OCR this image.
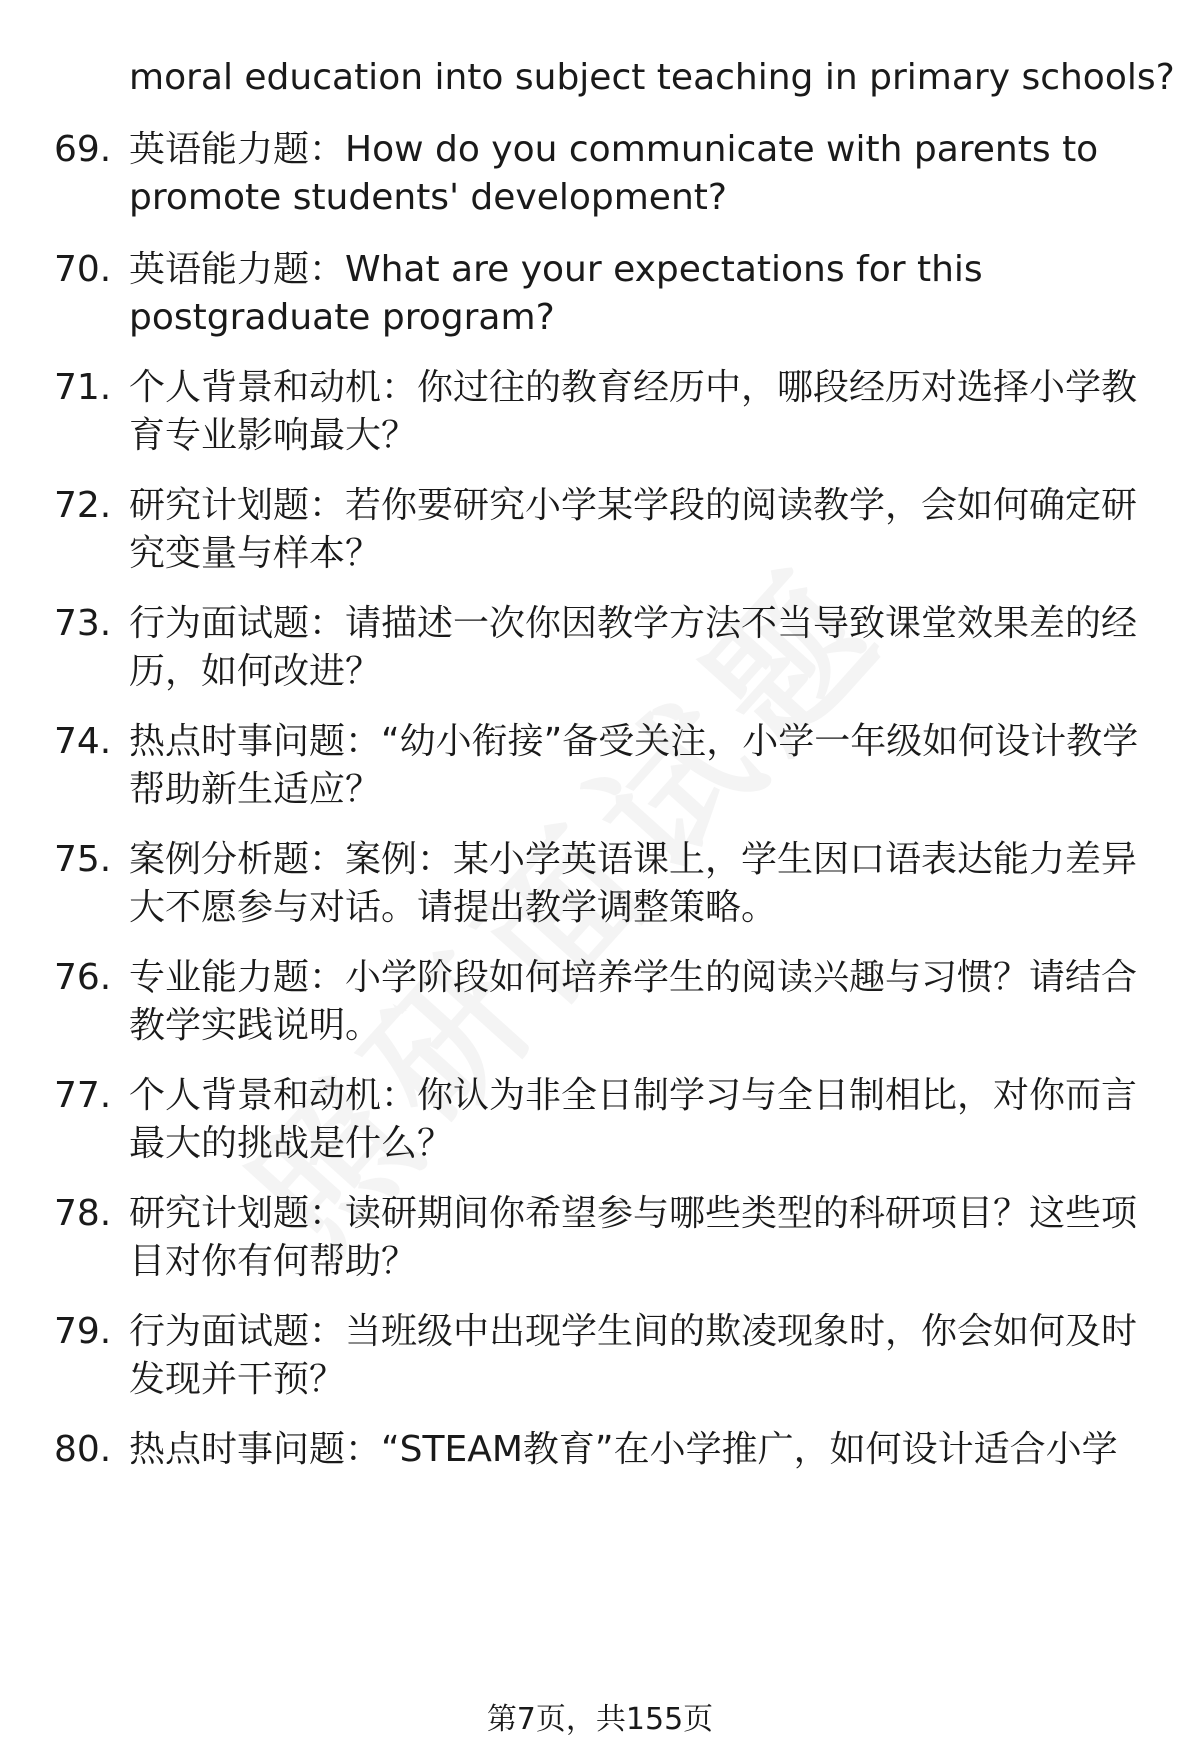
moral education into subject teaching in primary schools?
69. 英语能力题：How do you communicate with parents to promote students' development?
70. 英语能力题：What are your expectations for this postgraduate program?
71. 个人背景和动机：你过往的教育经历中，哪段经历对选择小学教育专业影响最大？
72. 研究计划题：若你要研究小学某学段的阅读教学，会如何确定研究变量与样本？
73. 行为面试题：请描述一次你因教学方法不当导致课堂效果差的经历，如何改进？
74. 热点时事问题：“幼小衔接”备受关注，小学一年级如何设计教学帮助新生适应？
75. 案例分析题：案例：某小学英语课上，学生因口语表达能力差异大不愿参与对话。请提出教学调整策略。
76. 专业能力题：小学阶段如何培养学生的阅读兴趣与习惯？请结合教学实践说明。
77. 个人背景和动机：你认为非全日制学习与全日制相比，对你而言最大的挑战是什么？
78. 研究计划题：读研期间你希望参与哪些类型的科研项目？这些项目对你有何帮助？
79. 行为面试题：当班级中出现学生间的欺凌现象时，你会如何及时发现并干预？
80. 热点时事问题：“STEAM教育”在小学推广，如何设计适合小学
第7页，共155页
